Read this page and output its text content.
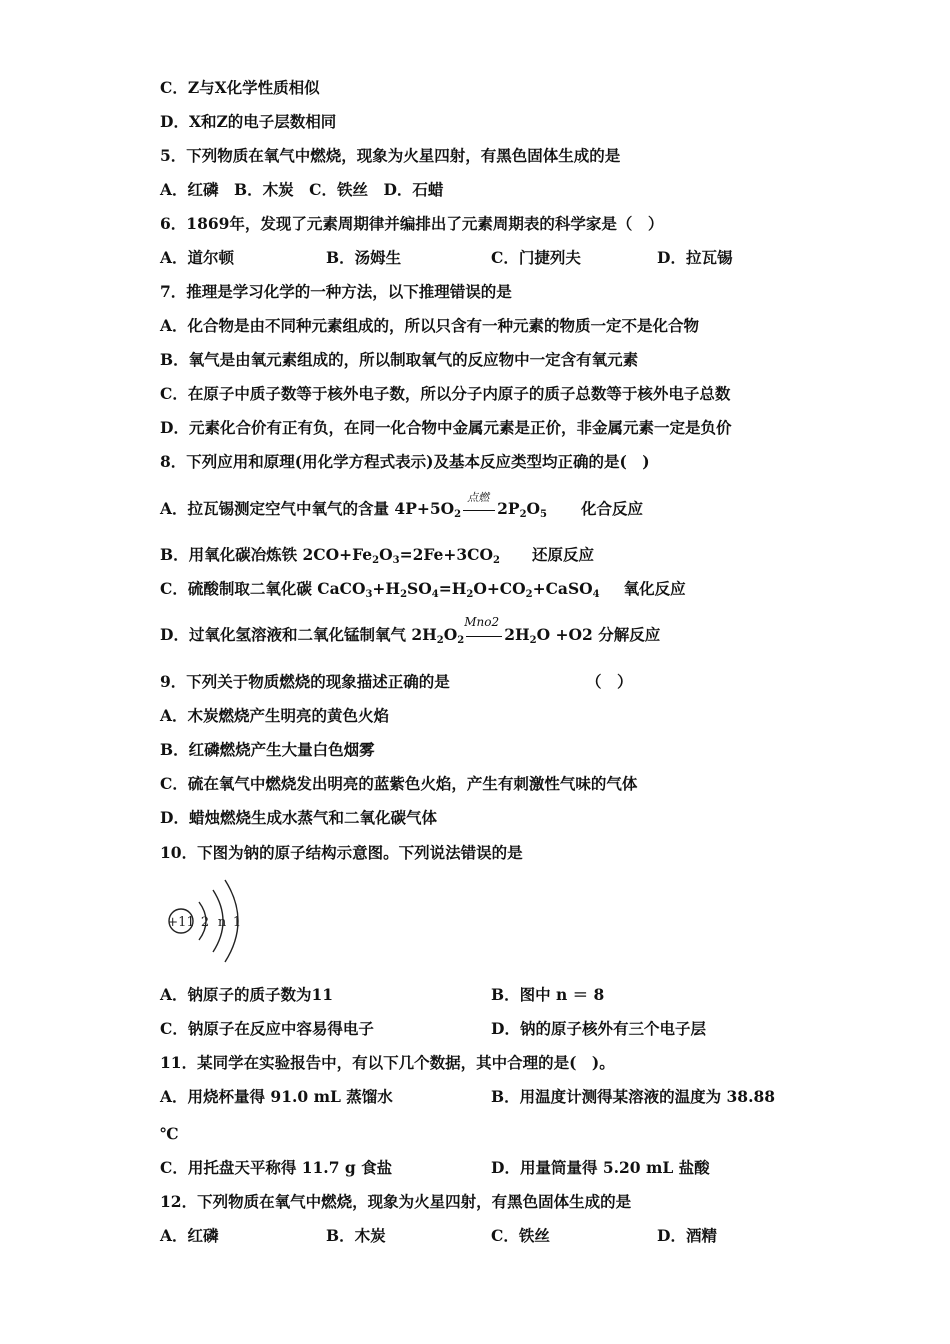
C．Z与X化学性质相似
D．X和Z的电子层数相同
5．下列物质在氧气中燃烧，现象为火星四射，有黑色固体生成的是
A．红磷　B．木炭　C．铁丝　D．石蜡
6．1869年，发现了元素周期律并编排出了元素周期表的科学家是（　）
A．道尔顿	B．汤姆生	C．门捷列夫	D．拉瓦锡
7．推理是学习化学的一种方法，以下推理错误的是
A．化合物是由不同种元素组成的，所以只含有一种元素的物质一定不是化合物
B．氧气是由氧元素组成的，所以制取氧气的反应物中一定含有氧元素
C．在原子中质子数等于核外电子数，所以分子内原子的质子总数等于核外电子总数
D．元素化合价有正有负，在同一化合物中金属元素是正价，非金属元素一定是负价
8．下列应用和原理(用化学方程式表示)及基本反应类型均正确的是(　)
A．拉瓦锡测定空气中氧气的含量 $4P+5O_2$
点燃
$2P_2O_5$ 化合反应
B．用氧化碳冶炼铁 $2CO+Fe_2O_3=2Fe+3CO_2$ 还原反应
C．硫酸制取二氧化碳 $CaCO_3+H_2SO_4=H_2O+CO_2+CaSO_4$ 氧化反应
D．过氧化氢溶液和二氧化锰制氧气 $2H_2O_2$
Mno2
$2H_2O +O2$ 分解反应
9．下列关于物质燃烧的现象描述正确的是	（　）
A．木炭燃烧产生明亮的黄色火焰
B．红磷燃烧产生大量白色烟雾
C．硫在氧气中燃烧发出明亮的蓝紫色火焰，产生有刺激性气味的气体
D．蜡烛燃烧生成水蒸气和二氧化碳气体
10．下图为钠的原子结构示意图。下列说法错误的是
+11 2 n 1
A．钠原子的质子数为11	B．图中 n ＝ 8
C．钠原子在反应中容易得电子	D．钠的原子核外有三个电子层
11．某同学在实验报告中，有以下几个数据，其中合理的是(　)。
A．用烧杯量得 91.0 mL 蒸馏水	B．用温度计测得某溶液的温度为 38.88
℃
C．用托盘天平称得 11.7 g 食盐	D．用量筒量得 5.20 mL 盐酸
12．下列物质在氧气中燃烧，现象为火星四射，有黑色固体生成的是
A．红磷	B．木炭	C．铁丝	D．酒精
